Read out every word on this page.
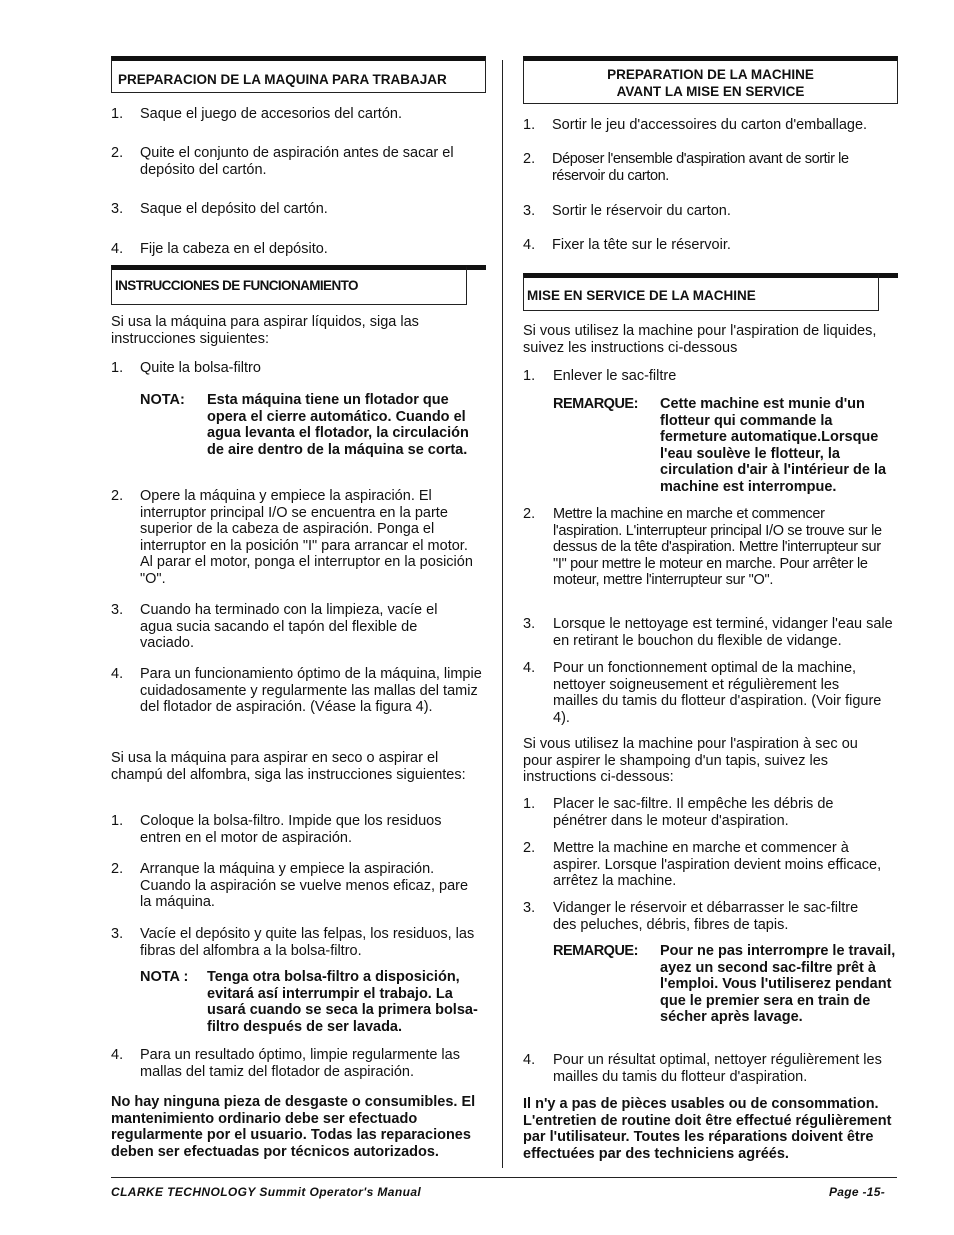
PREPARACION DE LA MAQUINA PARA TRABAJAR
1. Saque el juego de accesorios del cartón.
2. Quite el conjunto de aspiración antes de sacar el depósito del cartón.
3. Saque el depósito del cartón.
4. Fije la cabeza en el depósito.
INSTRUCCIONES DE FUNCIONAMIENTO
Si usa la máquina para aspirar líquidos, siga las instrucciones siguientes:
1. Quite la bolsa-filtro
NOTA: Esta máquina tiene un flotador que opera el cierre automático. Cuando el agua levanta el flotador, la circulación de aire dentro de la máquina se corta.
2. Opere la máquina y empiece la aspiración. El interruptor principal I/O se encuentra en la parte superior de la cabeza de aspiración. Ponga el interruptor en la posición "I" para arrancar el motor. Al parar el motor, ponga el interruptor en la posición "O".
3. Cuando ha terminado con la limpieza, vacíe el agua sucia sacando el tapón del flexible de vaciado.
4. Para un funcionamiento óptimo de la máquina, limpie cuidadosamente y regularmente las mallas del tamiz del flotador de aspiración. (Véase la figura 4).
Si usa la máquina para aspirar en seco o aspirar el champú del alfombra, siga las instrucciones siguientes:
1. Coloque la bolsa-filtro. Impide que los residuos entren en el motor de aspiración.
2. Arranque la máquina y empiece la aspiración. Cuando la aspiración se vuelve menos eficaz, pare la máquina.
3. Vacíe el depósito y quite las felpas, los residuos, las fibras del alfombra a la bolsa-filtro.
NOTA : Tenga otra bolsa-filtro a disposición, evitará así interrumpir el trabajo. La usará cuando se seca la primera bolsa-filtro después de ser lavada.
4. Para un resultado óptimo, limpie regularmente las mallas del tamiz del flotador de aspiración.
No hay ninguna pieza de desgaste o consumibles. El mantenimiento ordinario debe ser efectuado regularmente por el usuario. Todas las reparaciones deben ser efectuadas por técnicos autorizados.
PREPARATION DE LA MACHINE
AVANT LA MISE EN SERVICE
1. Sortir le jeu d'accessoires du carton d'emballage.
2. Déposer l'ensemble d'aspiration avant de sortir le réservoir du carton.
3. Sortir le réservoir du carton.
4. Fixer la tête sur le réservoir.
MISE EN SERVICE DE LA MACHINE
Si vous utilisez la machine pour l'aspiration de liquides, suivez les instructions ci-dessous
1. Enlever le sac-filtre
REMARQUE: Cette machine est munie d'un flotteur qui commande la fermeture automatique.Lorsque l'eau soulève le flotteur, la circulation d'air à l'intérieur de la machine est interrompue.
2. Mettre la machine en marche et commencer l'aspiration. L'interrupteur principal I/O se trouve sur le dessus de la tête d'aspiration. Mettre l'interrupteur sur "I" pour mettre le moteur en marche. Pour arrêter le moteur, mettre l'interrupteur sur "O".
3. Lorsque le nettoyage est terminé, vidanger l'eau sale en retirant le bouchon du flexible de vidange.
4. Pour un fonctionnement optimal de la machine, nettoyer soigneusement et régulièrement les mailles du tamis du flotteur d'aspiration. (Voir figure 4).
Si vous utilisez la machine pour l'aspiration à sec ou pour aspirer le shampoing d'un tapis, suivez les instructions ci-dessous:
1. Placer le sac-filtre. Il empêche les débris de pénétrer dans le moteur d'aspiration.
2. Mettre la machine en marche et commencer à aspirer. Lorsque l'aspiration devient moins efficace, arrêtez la machine.
3. Vidanger le réservoir et débarrasser le sac-filtre des peluches, débris, fibres de tapis.
REMARQUE: Pour ne pas interrompre le travail, ayez un second sac-filtre prêt à l'emploi. Vous l'utiliserez pendant que le premier sera en train de sécher après lavage.
4. Pour un résultat optimal, nettoyer régulièrement les mailles du tamis du flotteur d'aspiration.
Il n'y a pas de pièces usables ou de consommation. L'entretien de routine doit être effectué régulièrement par l'utilisateur. Toutes les réparations doivent être effectuées par des techniciens agréés.
CLARKE TECHNOLOGY Summit Operator's Manual	Page -15-
